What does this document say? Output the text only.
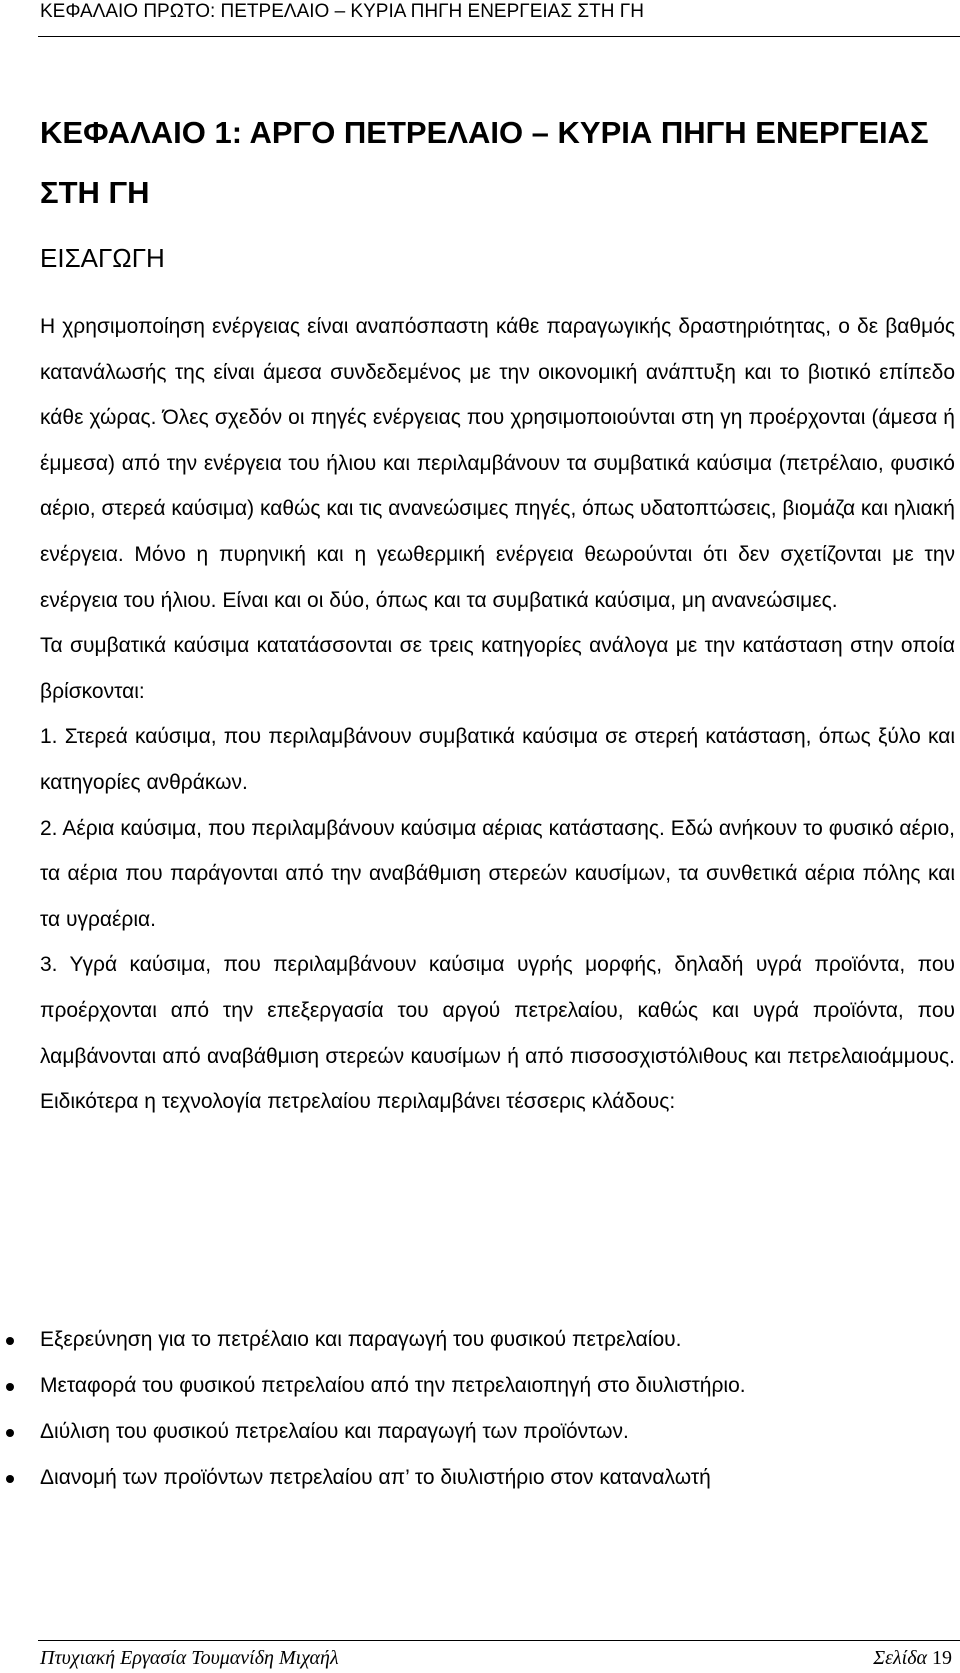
ΚΕΦΑΛΑΙΟ ΠΡΩΤΟ: ΠΕΤΡΕΛΑΙΟ – ΚΥΡΙΑ ΠΗΓΗ ΕΝΕΡΓΕΙΑΣ ΣΤΗ ΓΗ
ΚΕΦΑΛΑΙΟ 1: ΑΡΓΟ ΠΕΤΡΕΛΑΙΟ – ΚΥΡΙΑ ΠΗΓΗ ΕΝΕΡΓΕΙΑΣ ΣΤΗ ΓΗ
ΕΙΣΑΓΩΓΗ

Η χρησιμοποίηση ενέργειας είναι αναπόσπαστη κάθε παραγωγικής δραστηριότητας, ο δε βαθμός κατανάλωσής της είναι άμεσα συνδεδεμένος με την οικονομική ανάπτυξη και το βιοτικό επίπεδο κάθε χώρας. Όλες σχεδόν οι πηγές ενέργειας που χρησιμοποιούνται στη γη προέρχονται (άμεσα ή έμμεσα) από την ενέργεια του ήλιου και περιλαμβάνουν τα συμβατικά καύσιμα (πετρέλαιο, φυσικό αέριο, στερεά καύσιμα) καθώς και τις ανανεώσιμες πηγές, όπως υδατοπτώσεις, βιομάζα και ηλιακή ενέργεια. Μόνο η πυρηνική και η γεωθερμική ενέργεια θεωρούνται ότι δεν σχετίζονται με την ενέργεια του ήλιου. Είναι και οι δύο, όπως και τα συμβατικά καύσιμα, μη ανανεώσιμες.

Τα συμβατικά καύσιμα κατατάσσονται σε τρεις κατηγορίες ανάλογα με την κατάσταση στην οποία βρίσκονται:

1. Στερεά καύσιμα, που περιλαμβάνουν συμβατικά καύσιμα σε στερεή κατάσταση, όπως ξύλο και κατηγορίες ανθράκων.

2. Αέρια καύσιμα, που περιλαμβάνουν καύσιμα αέριας κατάστασης. Εδώ ανήκουν το φυσικό αέριο, τα αέρια που παράγονται από την αναβάθμιση στερεών καυσίμων, τα συνθετικά αέρια πόλης και τα υγραέρια.

3. Υγρά καύσιμα, που περιλαμβάνουν καύσιμα υγρής μορφής, δηλαδή υγρά προϊόντα, που προέρχονται από την επεξεργασία του αργού πετρελαίου, καθώς και υγρά προϊόντα, που λαμβάνονται από αναβάθμιση στερεών καυσίμων ή από πισσοσχιστόλιθους και πετρελαιοάμμους. Ειδικότερα η τεχνολογία πετρελαίου περιλαμβάνει τέσσερις κλάδους:

Εξερεύνηση για το πετρέλαιο και παραγωγή του φυσικού πετρελαίου.
Μεταφορά του φυσικού πετρελαίου από την πετρελαιοπηγή στο διυλιστήριο.
Διύλιση του φυσικού πετρελαίου και παραγωγή των προϊόντων.
Διανομή των προϊόντων πετρελαίου απ’ το διυλιστήριο στον καταναλωτή
Πτυχιακή Εργασία Τουμανίδη Μιχαήλ	Σελίδα 19
